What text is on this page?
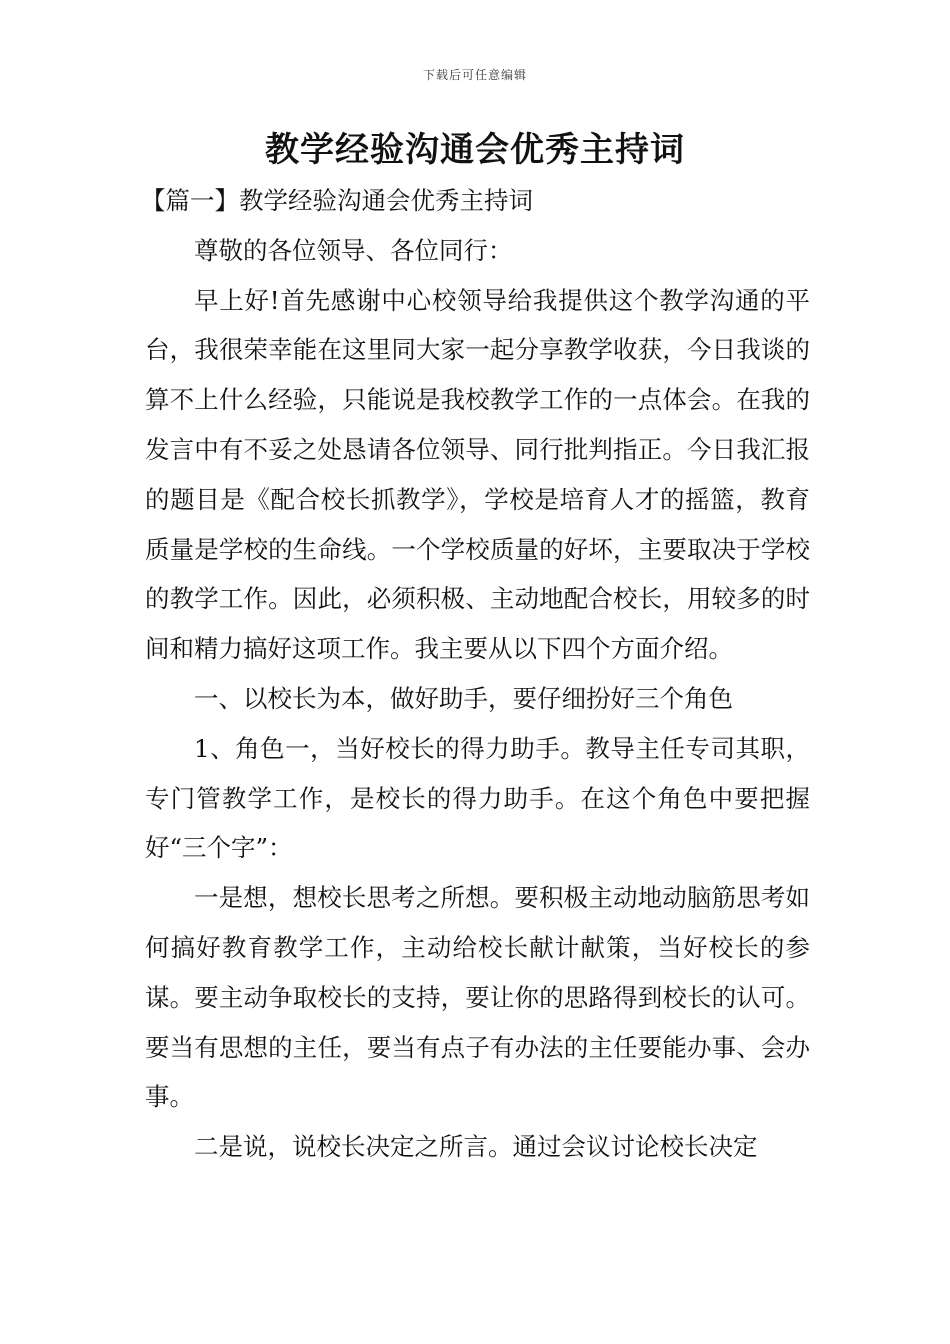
下载后可任意编辑
教学经验沟通会优秀主持词

【篇一】教学经验沟通会优秀主持词

尊敬的各位领导、各位同行：

早上好!首先感谢中心校领导给我提供这个教学沟通的平台，我很荣幸能在这里同大家一起分享教学收获，今日我谈的算不上什么经验，只能说是我校教学工作的一点体会。在我的发言中有不妥之处恳请各位领导、同行批判指正。今日我汇报的题目是《配合校长抓教学》，学校是培育人才的摇篮，教育质量是学校的生命线。一个学校质量的好坏，主要取决于学校的教学工作。因此，必须积极、主动地配合校长，用较多的时间和精力搞好这项工作。我主要从以下四个方面介绍。

一、以校长为本，做好助手，要仔细扮好三个角色

1、角色一，当好校长的得力助手。教导主任专司其职，专门管教学工作，是校长的得力助手。在这个角色中要把握好“三个字”：

一是想，想校长思考之所想。要积极主动地动脑筋思考如何搞好教育教学工作，主动给校长献计献策，当好校长的参谋。要主动争取校长的支持，要让你的思路得到校长的认可。要当有思想的主任，要当有点子有办法的主任要能办事、会办事。

二是说，说校长决定之所言。通过会议讨论校长决定
